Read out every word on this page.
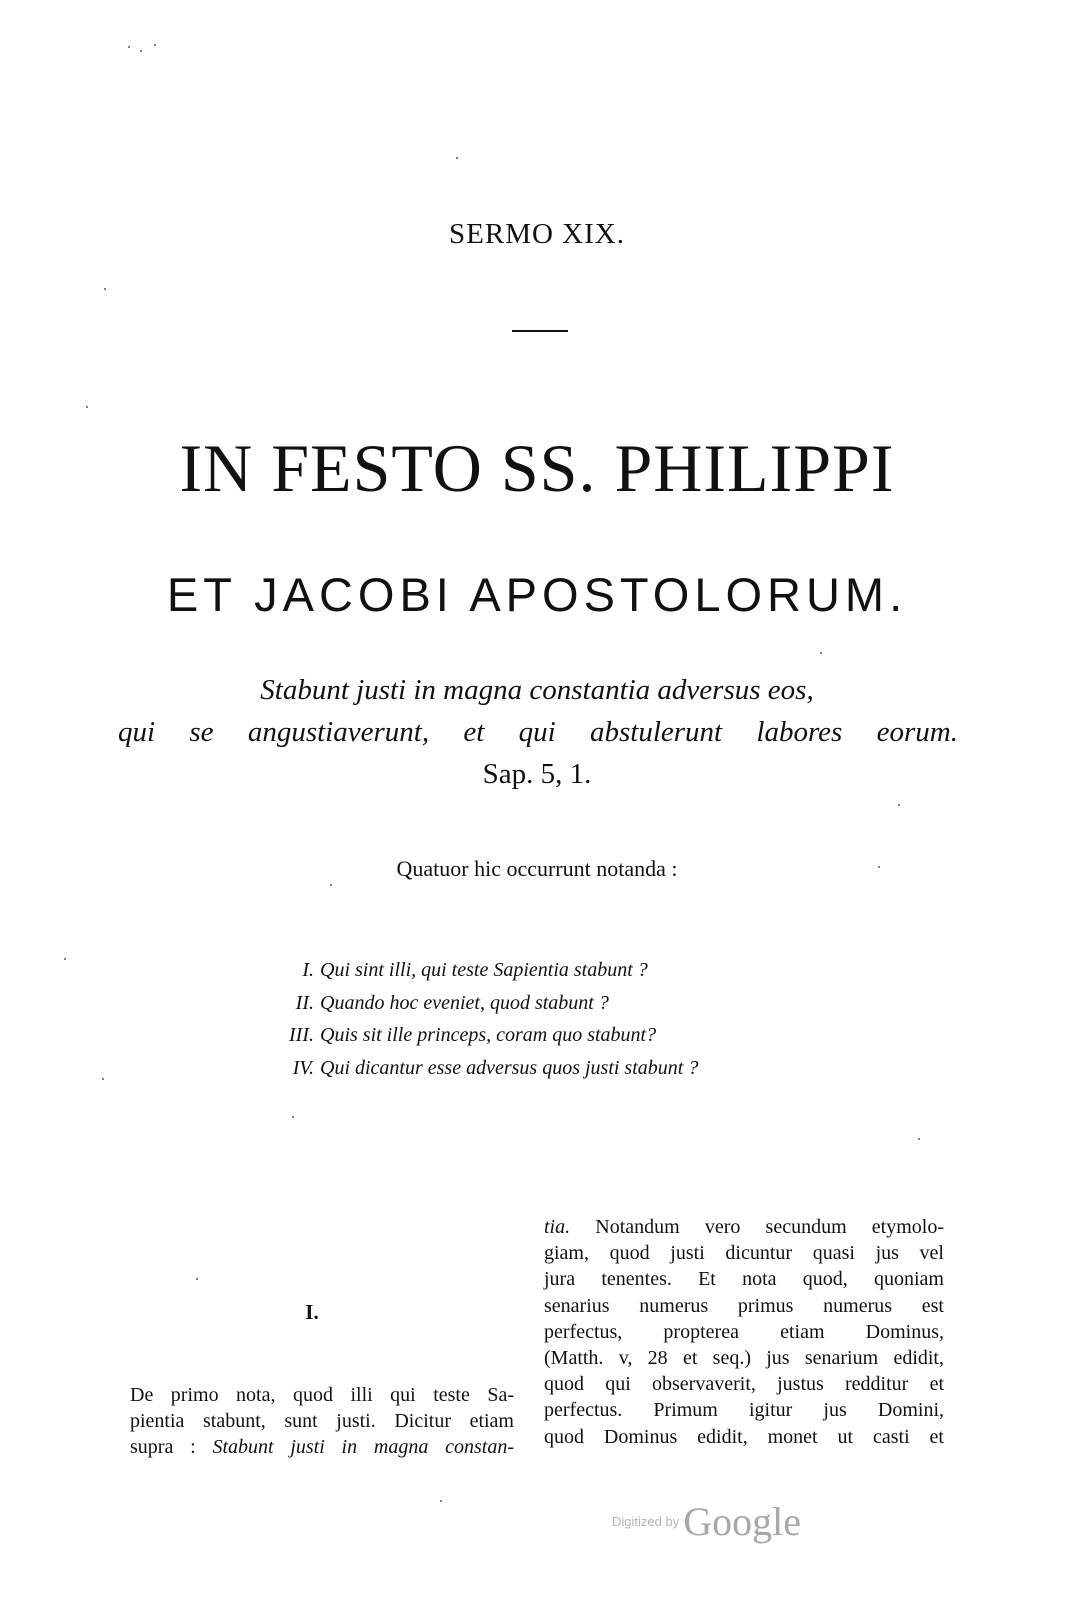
SERMO XIX.
IN FESTO SS. PHILIPPI
ET JACOBI APOSTOLORUM.
Stabunt justi in magna constantia adversus eos,
qui se angustiaverunt, et qui abstulerunt labores eorum.
Sap. 5, 1.
Quatuor hic occurrunt notanda :
I. Qui sint illi, qui teste Sapientia stabunt ?
II. Quando hoc eveniet, quod stabunt ?
III. Quis sit ille princeps, coram quo stabunt?
IV. Qui dicantur esse adversus quos justi stabunt ?
I.
De primo nota, quod illi qui teste Sa-
pientia stabunt, sunt justi. Dicitur etiam
supra : Stabunt justi in magna constan-
tia. Notandum vero secundum etymolo-
giam, quod justi dicuntur quasi jus vel
jura tenentes. Et nota quod, quoniam
senarius numerus primus numerus est
perfectus, propterea etiam Dominus,
(Matth. v, 28 et seq.) jus senarium edidit,
quod qui observaverit, justus redditur et
perfectus. Primum igitur jus Domini,
quod Dominus edidit, monet ut casti et
Digitized by Google
